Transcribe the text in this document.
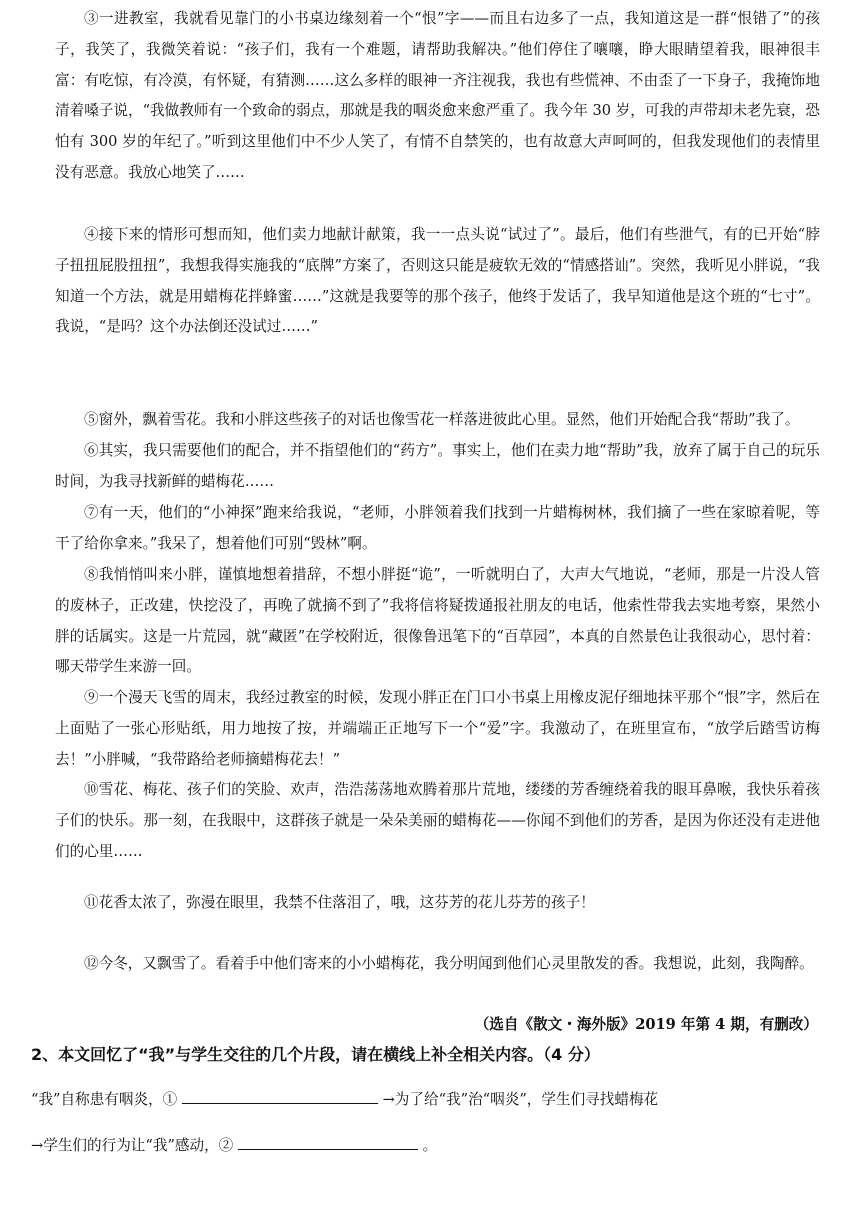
③一进教室，我就看见靠门的小书桌边缘刻着一个“恨”字——而且右边多了一点，我知道这是一群“恨错了”的孩子，我笑了，我微笑着说：“孩子们，我有一个难题，请帮助我解决。”他们停住了嚷嚷，睁大眼睛望着我，眼神很丰富：有吃惊，有冷漠，有怀疑，有猜测……这么多样的眼神一齐注视我，我也有些慌神、不由歪了一下身子，我掩饰地清着嗓子说，“我做教师有一个致命的弱点，那就是我的咽炎愈来愈严重了。我今年 30 岁，可我的声带却未老先衰，恐怕有 300 岁的年纪了。”听到这里他们中不少人笑了，有情不自禁笑的，也有故意大声呵呵的，但我发现他们的表情里没有恶意。我放心地笑了……

④接下来的情形可想而知，他们卖力地献计献策，我一一点头说“试过了”。最后，他们有些泄气，有的已开始“脖子扭扭屁股扭扭”，我想我得实施我的“底牌”方案了，否则这只能是疲软无效的“情感搭讪”。突然，我听见小胖说，“我知道一个方法，就是用蜡梅花拌蜂蜜……”这就是我要等的那个孩子，他终于发话了，我早知道他是这个班的“七寸”。我说，“是吗？这个办法倒还没试过……”

⑤窗外，飘着雪花。我和小胖这些孩子的对话也像雪花一样落进彼此心里。显然，他们开始配合我“帮助”我了。

⑥其实，我只需要他们的配合，并不指望他们的“药方”。事实上，他们在卖力地“帮助”我，放弃了属于自己的玩乐时间，为我寻找新鲜的蜡梅花……

⑦有一天，他们的“小神探”跑来给我说，“老师，小胖领着我们找到一片蜡梅树林，我们摘了一些在家晾着呢，等干了给你拿来。”我呆了，想着他们可别“毁林”啊。

⑧我悄悄叫来小胖，谨慎地想着措辞，不想小胖挺“诡”，一听就明白了，大声大气地说，“老师，那是一片没人管的废林子，正改建，快挖没了，再晚了就摘不到了”我将信将疑拨通报社朋友的电话，他索性带我去实地考察，果然小胖的话属实。这是一片荒园，就“藏匿”在学校附近，很像鲁迅笔下的“百草园”，本真的自然景色让我很动心，思忖着：哪天带学生来游一回。

⑨一个漫天飞雪的周末，我经过教室的时候，发现小胖正在门口小书桌上用橡皮泥仔细地抹平那个“恨”字，然后在上面贴了一张心形贴纸，用力地按了按，并端端正正地写下一个“爱”字。我激动了，在班里宣布，“放学后踏雪访梅去！”小胖喊，“我带路给老师摘蜡梅花去！”

⑩雪花、梅花、孩子们的笑脸、欢声，浩浩荡荡地欢腾着那片荒地，缕缕的芳香缠绕着我的眼耳鼻喉，我快乐着孩子们的快乐。那一刻，在我眼中，这群孩子就是一朵朵美丽的蜡梅花——你闻不到他们的芳香，是因为你还没有走进他们的心里……

⑪花香太浓了，弥漫在眼里，我禁不住落泪了，哦，这芬芳的花儿芬芳的孩子！

⑫今冬，又飘雪了。看着手中他们寄来的小小蜡梅花，我分明闻到他们心灵里散发的香。我想说，此刻，我陶醉。

（选自《散文・海外版》2019 年第 4 期，有删改）

2、本文回忆了“我”与学生交往的几个片段，请在横线上补全相关内容。（4 分）

“我”自称患有咽炎，①	→为了给“我”治“咽炎”，学生们寻找蜡梅花

→学生们的行为让“我”感动，②	。
